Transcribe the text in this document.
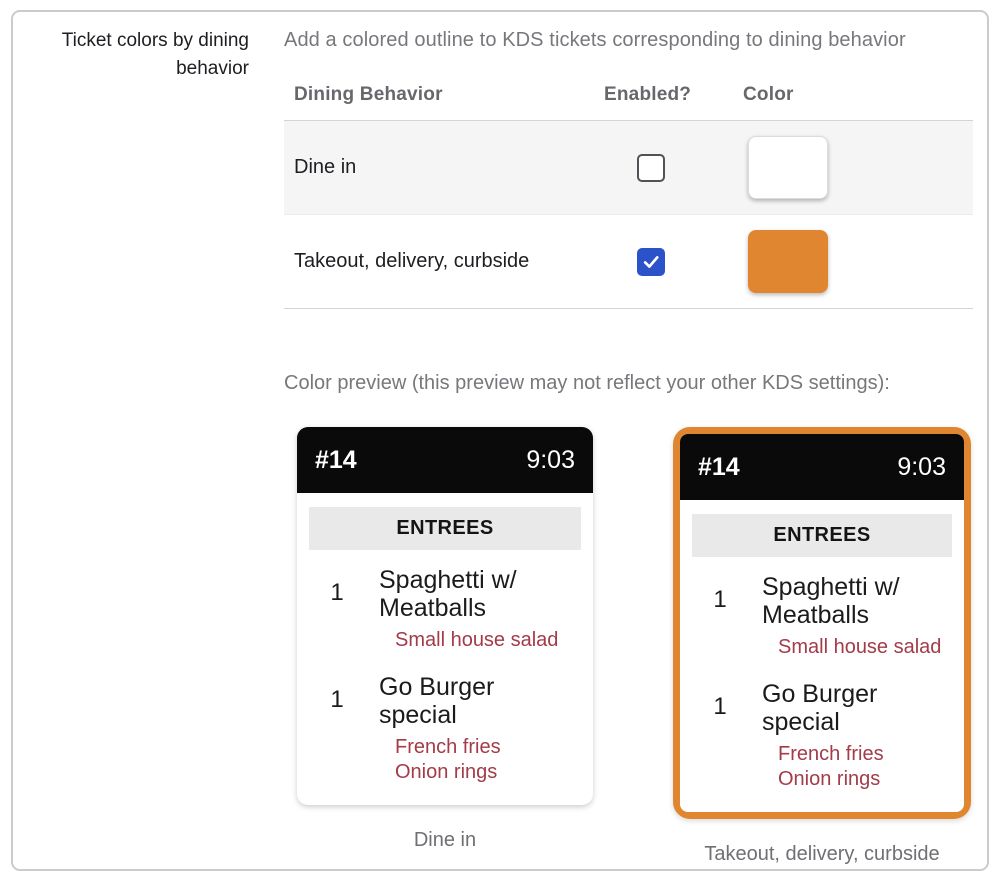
Ticket colors by dining behavior
Add a colored outline to KDS tickets corresponding to dining behavior
Dining Behavior	Enabled?	Color
Dine in
Takeout, delivery, curbside
Color preview (this preview may not reflect your other KDS settings):
#14	9:03
ENTREES
1	Spaghetti w/ Meatballs
Small house salad
1	Go Burger special
French fries
Onion rings
Dine in
#14	9:03
ENTREES
1	Spaghetti w/ Meatballs
Small house salad
1	Go Burger special
French fries
Onion rings
Takeout, delivery, curbside
